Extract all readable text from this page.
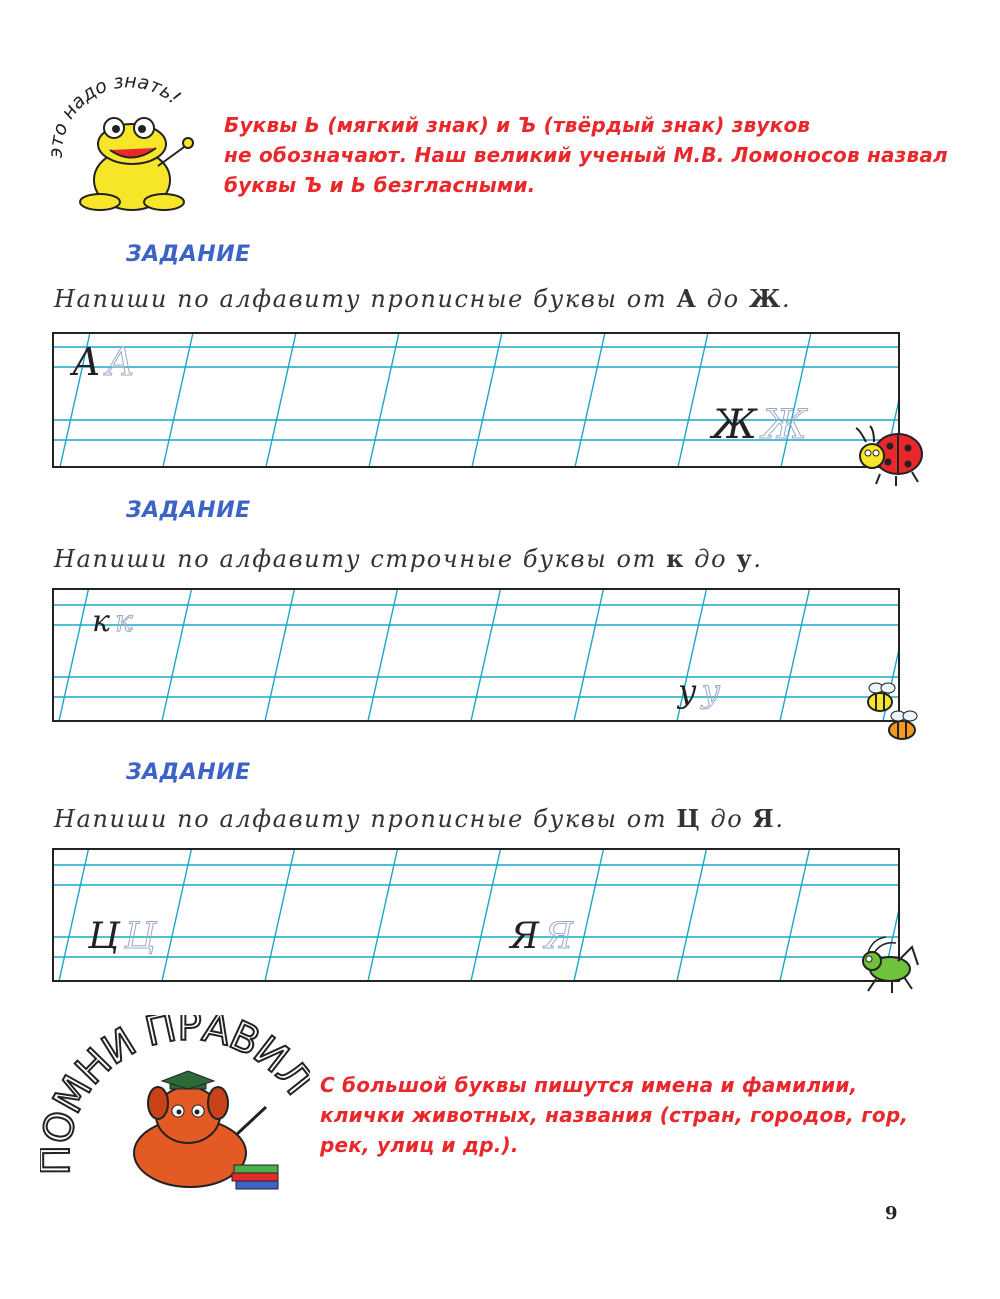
это надо знать!
Буквы Ь (мягкий знак) и Ъ (твёрдый знак) звуков
не обозначают. Наш великий ученый М.В. Ломоносов назвал
буквы Ъ и Ь безгласными.
ЗАДАНИЕ
Напиши по алфавиту прописные буквы от А до Ж.
А А
Ж Ж
ЗАДАНИЕ
Напиши по алфавиту строчные буквы от к до у.
к к
у у
ЗАДАНИЕ
Напиши по алфавиту прописные буквы от Ц до Я.
Ц Ц	Я Я
МНИ ПРАВИ
С большой буквы пишутся имена и фамилии,
клички животных, названия (стран, городов, гор,
рек, улиц и др.).
9
